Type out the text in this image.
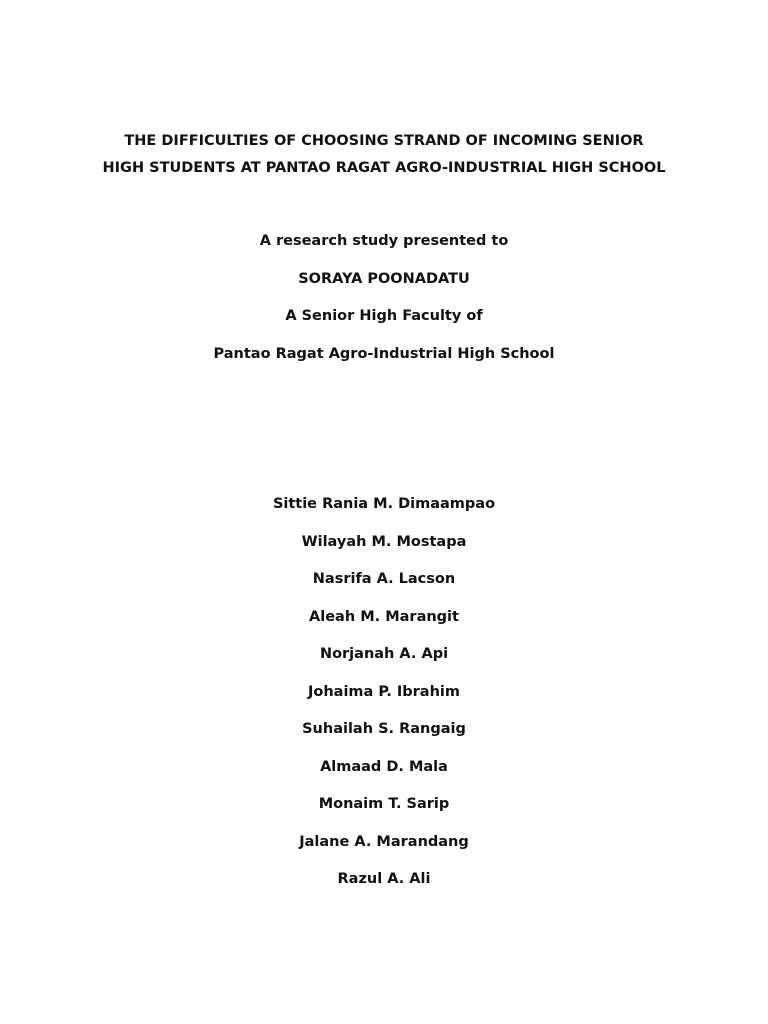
THE DIFFICULTIES OF CHOOSING STRAND OF INCOMING SENIOR
HIGH STUDENTS AT PANTAO RAGAT AGRO-INDUSTRIAL HIGH SCHOOL
A research study presented to
SORAYA POONADATU
A Senior High Faculty of
Pantao Ragat Agro-Industrial High School
Sittie Rania M. Dimaampao
Wilayah M. Mostapa
Nasrifa A. Lacson
Aleah M. Marangit
Norjanah A. Api
Johaima P. Ibrahim
Suhailah S. Rangaig
Almaad D. Mala
Monaim T. Sarip
Jalane A. Marandang
Razul A. Ali
